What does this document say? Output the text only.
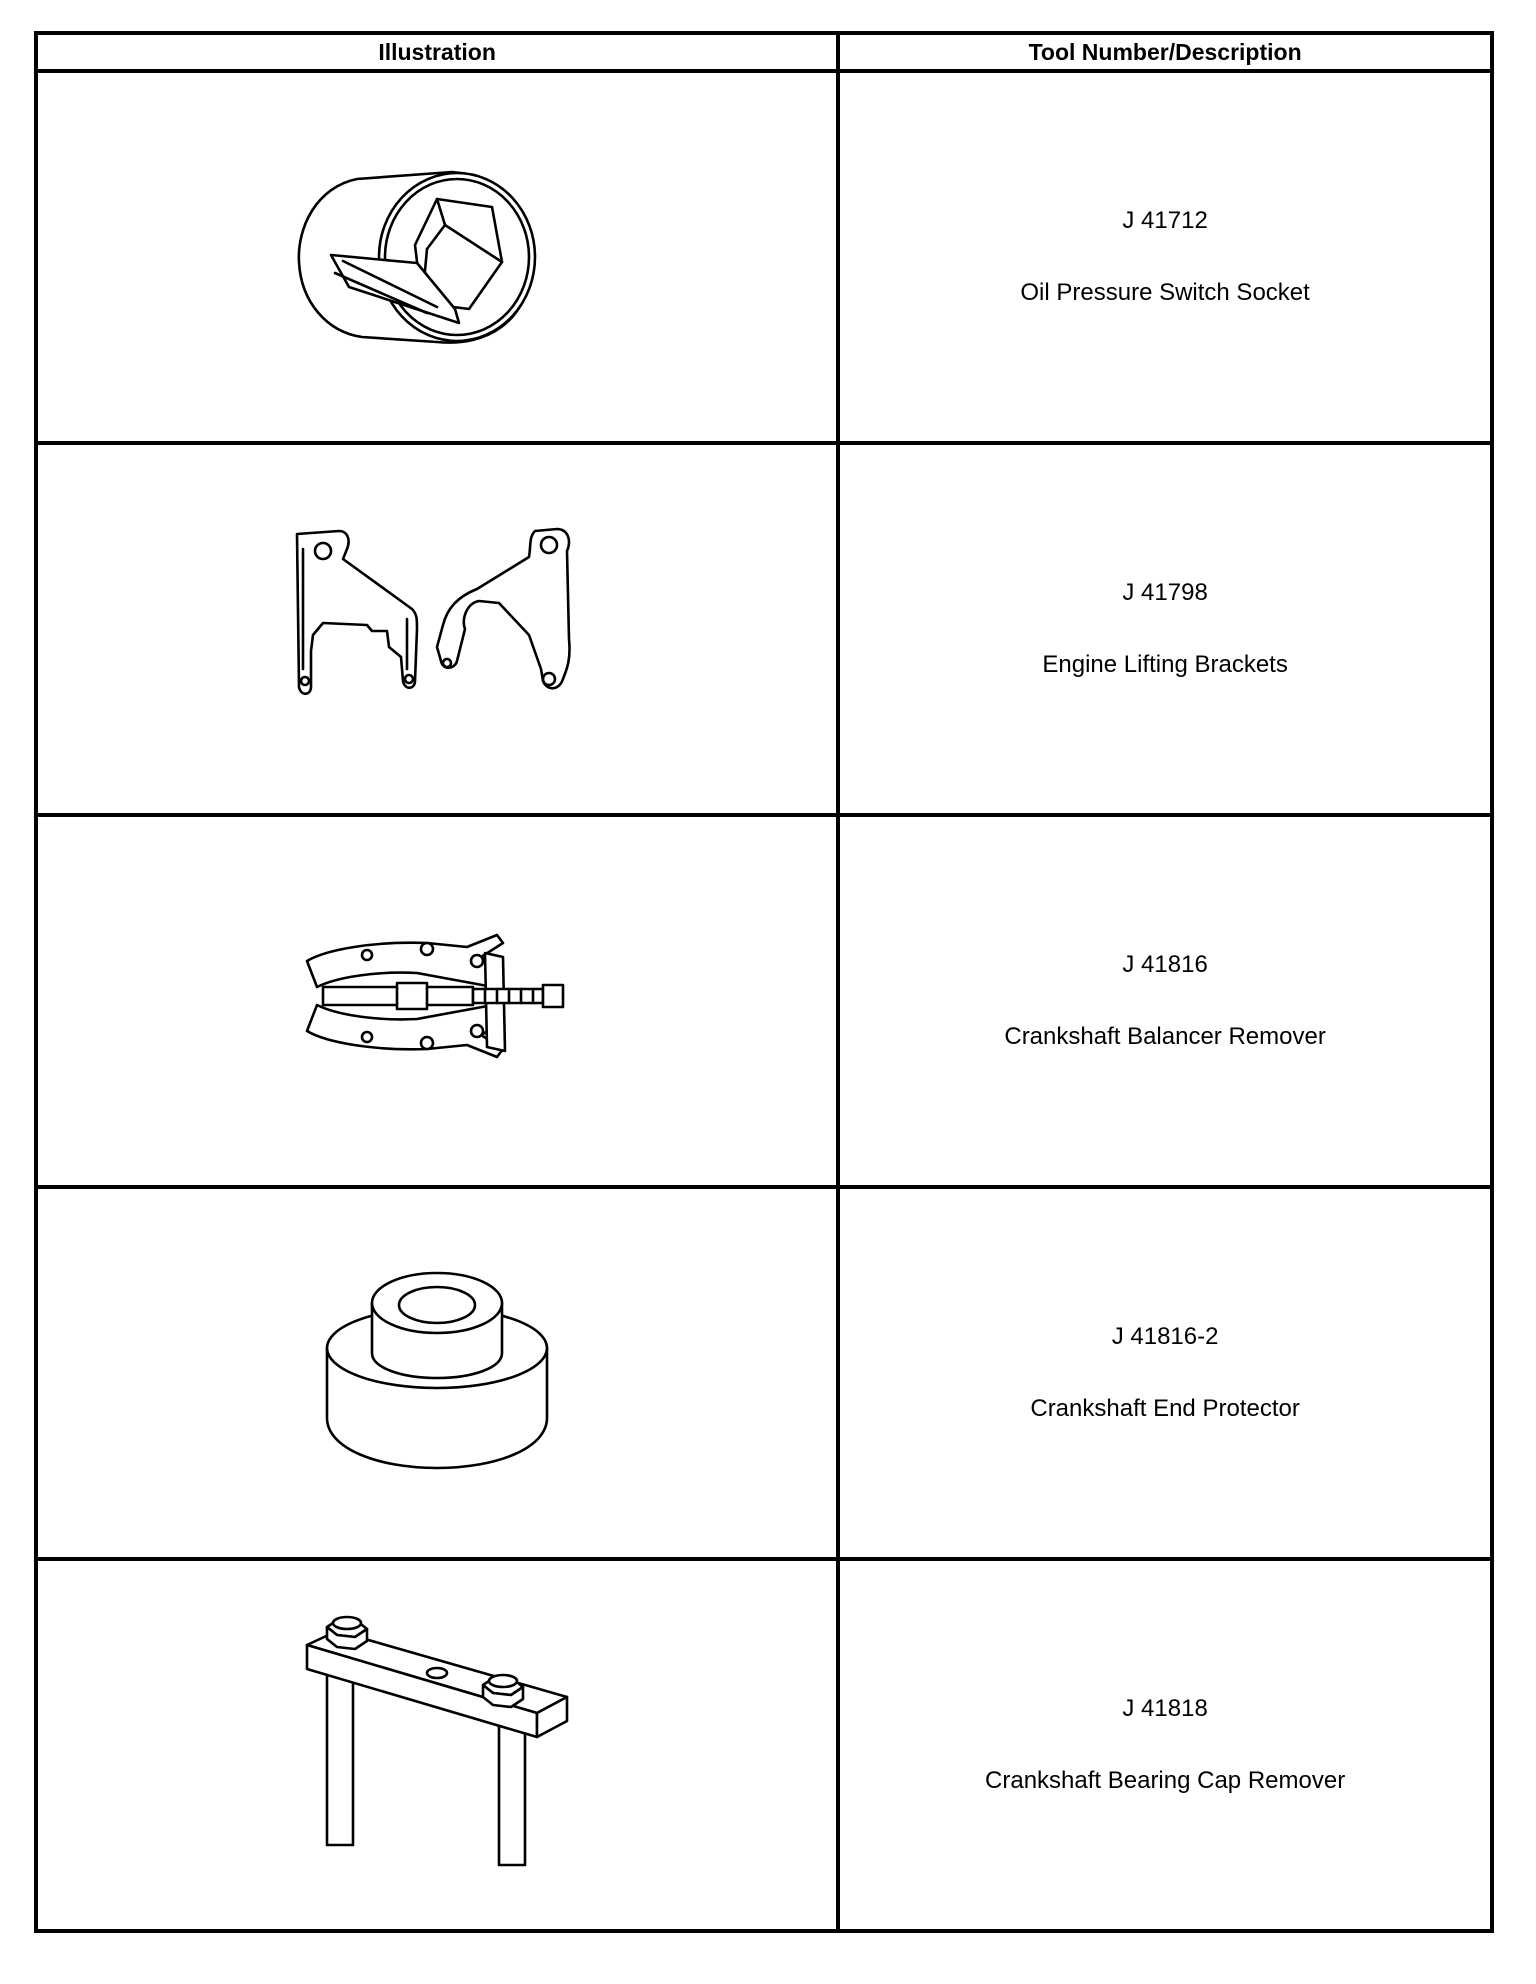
Illustration	Tool Number/Description

J 41712
Oil Pressure Switch Socket

J 41798
Engine Lifting Brackets

J 41816
Crankshaft Balancer Remover

J 41816-2
Crankshaft End Protector

J 41818
Crankshaft Bearing Cap Remover
